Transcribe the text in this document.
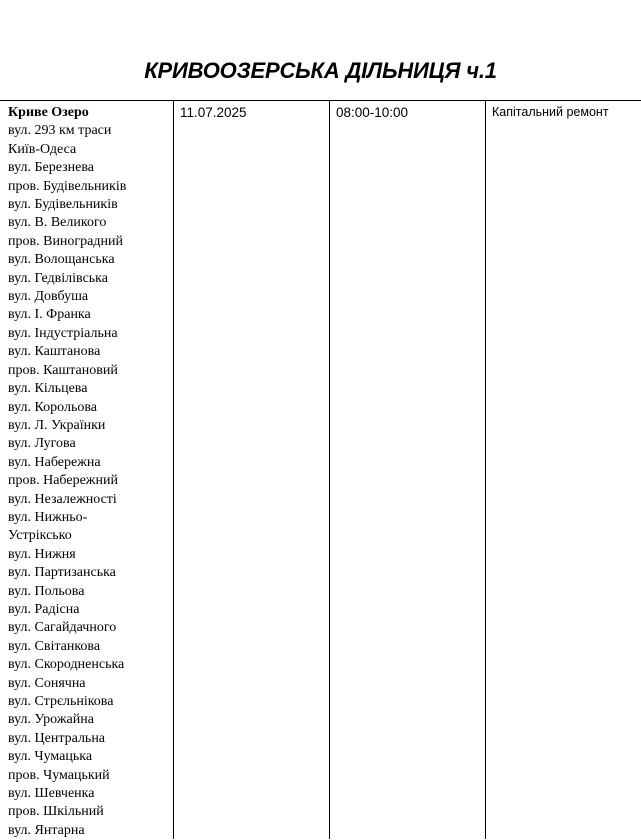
КРИВООЗЕРСЬКА ДІЛЬНИЦЯ ч.1
Криве Озеро
вул. 293 км траси
Київ-Одеса
вул. Березнева
пров. Будівельників
вул. Будівельників
вул. В. Великого
пров. Виноградний
вул. Волощанська
вул. Гедвілівська
вул. Довбуша
вул. І. Франка
вул. Індустріальна
вул. Каштанова
пров. Каштановий
вул. Кільцева
вул. Корольова
вул. Л. Українки
вул. Лугова
вул. Набережна
пров. Набережний
вул. Незалежності
вул. Нижньо-
Устріксько
вул. Нижня
вул. Партизанська
вул. Польова
вул. Радісна
вул. Сагайдачного
вул. Світанкова
вул. Скородненська
вул. Сонячна
вул. Стрєльнікова
вул. Урожайна
вул. Центральна
вул. Чумацька
пров. Чумацький
вул. Шевченка
пров. Шкільний
вул. Янтарна
11.07.2025	08:00-10:00	Капітальний ремонт
